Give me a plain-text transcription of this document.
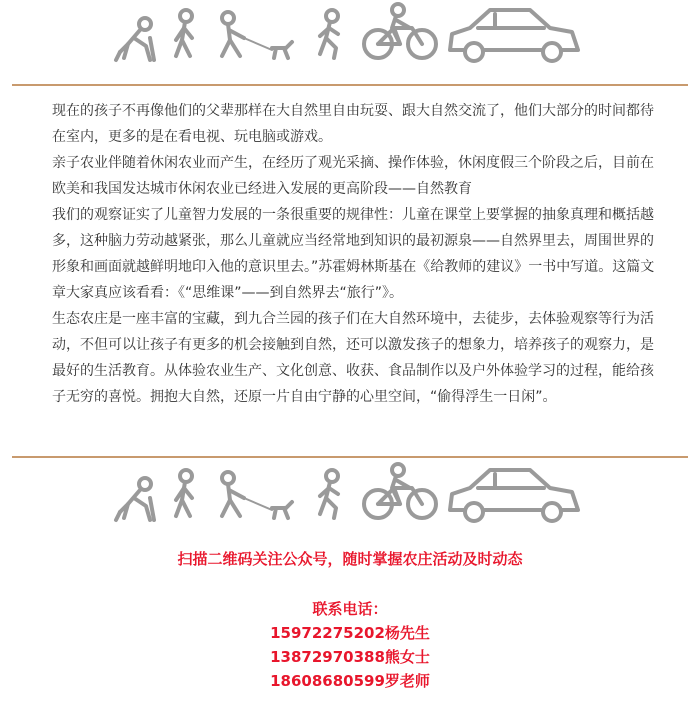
现在的孩子不再像他们的父辈那样在大自然里自由玩耍、跟大自然交流了，他们大部分的时间都待在室内，更多的是在看电视、玩电脑或游戏。

亲子农业伴随着休闲农业而产生，在经历了观光采摘、操作体验，休闲度假三个阶段之后，目前在欧美和我国发达城市休闲农业已经进入发展的更高阶段——自然教育

我们的观察证实了儿童智力发展的一条很重要的规律性：儿童在课堂上要掌握的抽象真理和概括越多，这种脑力劳动越紧张，那么儿童就应当经常地到知识的最初源泉——自然界里去，周围世界的形象和画面就越鲜明地印入他的意识里去。”苏霍姆林斯基在《给教师的建议》一书中写道。这篇文章大家真应该看看：《“思维课”——到自然界去“旅行”》。

生态农庄是一座丰富的宝藏，到九合兰园的孩子们在大自然环境中，去徒步，去体验观察等行为活动，不但可以让孩子有更多的机会接触到自然，还可以激发孩子的想象力，培养孩子的观察力，是最好的生活教育。从体验农业生产、文化创意、收获、食品制作以及户外体验学习的过程，能给孩子无穷的喜悦。拥抱大自然，还原一片自由宁静的心里空间，“偷得浮生一日闲”。

扫描二维码关注公众号，随时掌握农庄活动及时动态
联系电话：
15972275202杨先生
13872970388熊女士
18608680599罗老师
